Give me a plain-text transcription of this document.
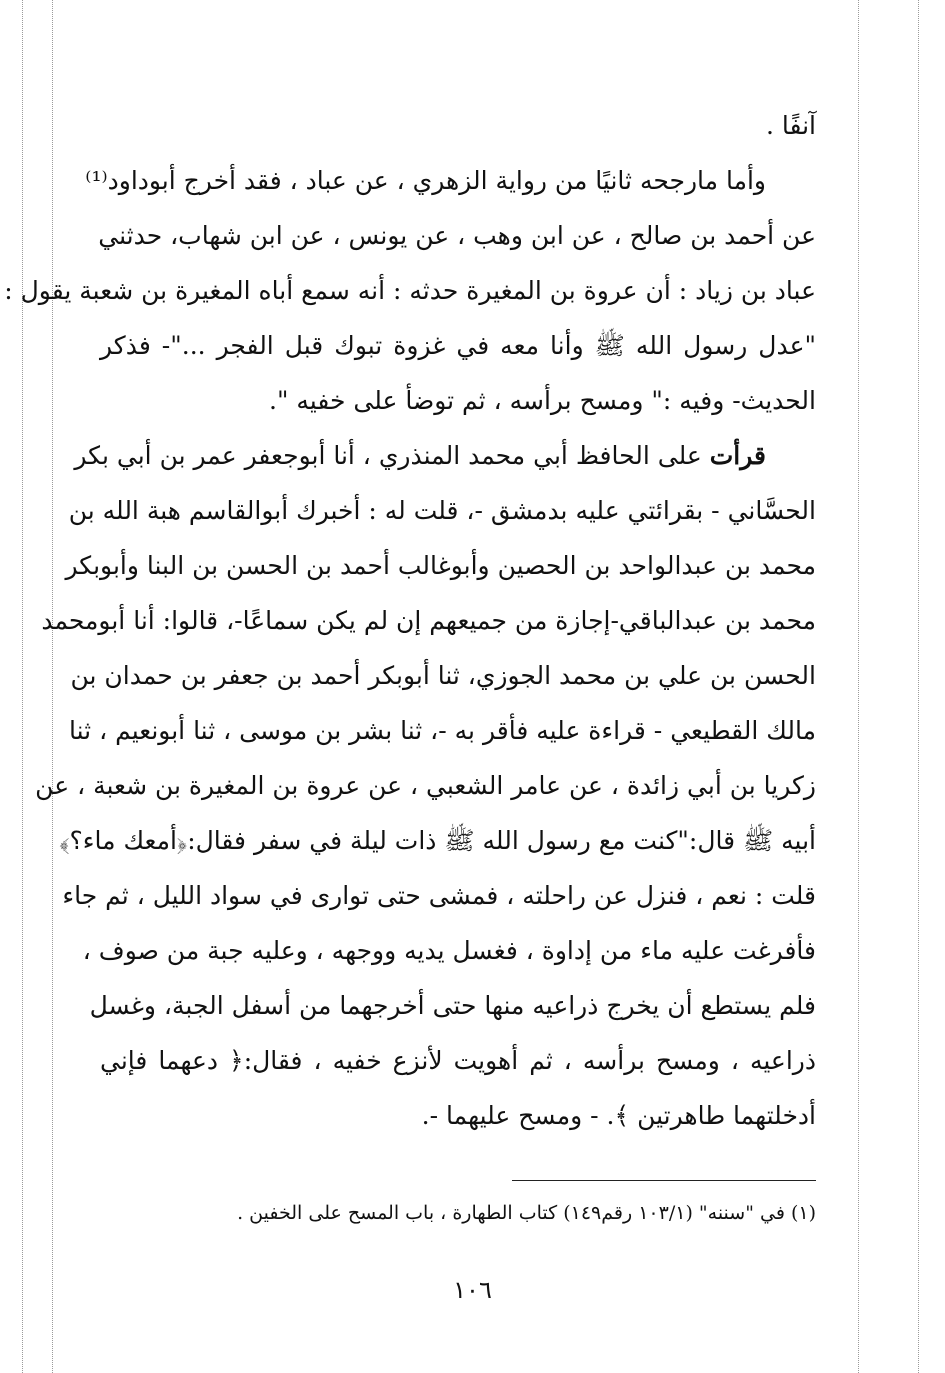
آنفًا .
وأما مارجحه ثانيًا من رواية الزهري ، عن عباد ، فقد أخرج أبوداود⁽¹⁾
عن أحمد بن صالح ، عن ابن وهب ، عن يونس ، عن ابن شهاب، حدثني
عباد بن زياد : أن عروة بن المغيرة حدثه : أنه سمع أباه المغيرة بن شعبة يقول :
"عدل رسول الله ﷺ وأنا معه في غزوة تبوك قبل الفجر ..."- فذكر
الحديث- وفيه :" ومسح برأسه ، ثم توضأ على خفيه ".
قرأت على الحافظ أبي محمد المنذري ، أنا أبوجعفر عمر بن أبي بكر
الحسَّاني - بقرائتي عليه بدمشق -، قلت له : أخبرك أبوالقاسم هبة الله بن
محمد بن عبدالواحد بن الحصين وأبوغالب أحمد بن الحسن بن البنا وأبوبكر
محمد بن عبدالباقي-إجازة من جميعهم إن لم يكن سماعًا-، قالوا: أنا أبومحمد
الحسن بن علي بن محمد الجوزي، ثنا أبوبكر أحمد بن جعفر بن حمدان بن
مالك القطيعي - قراءة عليه فأقر به -، ثنا بشر بن موسى ، ثنا أبونعيم ، ثنا
زكريا بن أبي زائدة ، عن عامر الشعبي ، عن عروة بن المغيرة بن شعبة ، عن
أبيه ﷺ قال:"كنت مع رسول الله ﷺ ذات ليلة في سفر فقال:﴿أمعك ماء؟﴾
قلت : نعم ، فنزل عن راحلته ، فمشى حتى توارى في سواد الليل ، ثم جاء
فأفرغت عليه ماء من إداوة ، فغسل يديه ووجهه ، وعليه جبة من صوف ،
فلم يستطع أن يخرج ذراعيه منها حتى أخرجهما من أسفل الجبة، وغسل
ذراعيه ، ومسح برأسه ، ثم أهويت لأنزع خفيه ، فقال:﴿ دعهما فإني
أدخلتهما طاهرتين ﴾. - ومسح عليهما -.
(١) في "سننه" (١٠٣/١ رقم١٤٩) كتاب الطهارة ، باب المسح على الخفين .
١٠٦
